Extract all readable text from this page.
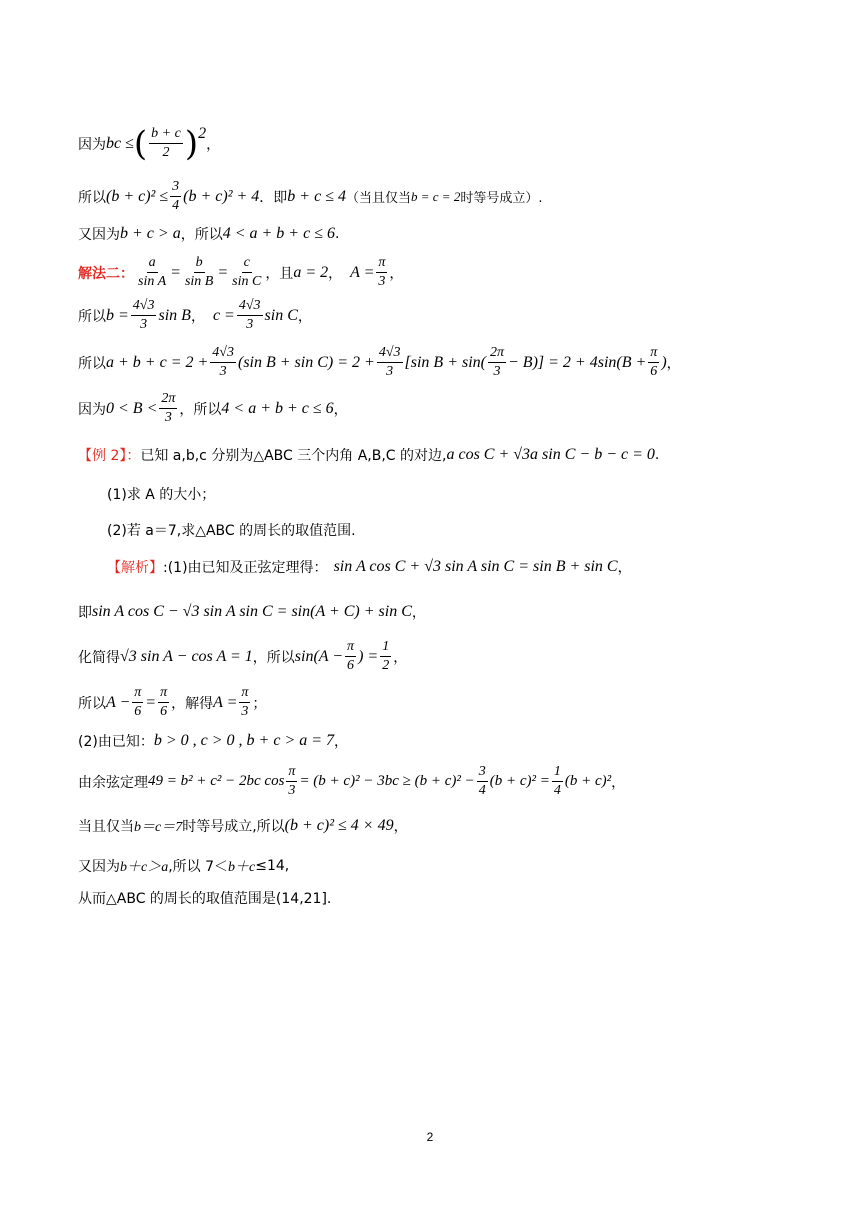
因为 bc ≤ ( $\frac{b + c}{2}$ ) 2
，
所以 $(b + c)^2 \le \frac{3}{4} (b + c)^2 + 4$ ．即 b + c ≤ 4 （当且仅当 b = c = 2 时等号成立）.
又因为 b + c > a ，所以 4 < a + b + c ≤ 6 .
解法二： $\frac{a}{\text{sin A}} = \frac{b}{\text{sin B}} = \frac{c}{\text{sin C}}$ ，且 a = 2 ， $A = \frac{\pi}{3}$ ，
所以 $b = \frac{4√3}{3}$ sin B ， $c = \frac{4√3}{3}$ sin C ，
所以 $a + b + c = 2 + \frac{4√3}{3} (\sin$ $B + \sin C) = 2 + \frac{4√3}{3} [\sin$ $B + \sin( \frac{2\pi}{3} - B)] = 2 + 4\sin(B + \frac{\pi}{6}$ ) ，
因为 $0 < B < \frac{2\pi}{3}$ ，所以 4 < a + b + c ≤ 6 ，
【例 2】： 已知 a,b,c 分别为△ABC 三个内角 A,B,C 的对边, a cos C + √3a sin C − b − c = 0 .
(1)求 A 的大小；
(2)若 a＝7,求△ABC 的周长的取值范围.
【解析】 :(1)由已知及正弦定理得： sin A cos C + √3 sin A sin C = sin B + sin C ，
即 sin A cos C − √3 sin A sin C = sin(A + C) + sin C ，
化简得 √3 sin A − cos A = 1 ，所以 $\sin(A - \frac{\pi}{6}$ ) = $\frac{1}{2}$ ，
所以 $A - \frac{\pi}{6} = \frac{\pi}{6}$ ，解得 $A = \frac{\pi}{3}$ ；
(2)由已知： b > 0 , c > 0 , b + c > a = 7 ，
由余弦定理 49 = b² + c² − 2bc $\cos \frac{\pi}{3} = (b + c)^2 - 3bc \ge (b + c)^2 - \frac{3}{4} (b + c)^2 = \frac{1}{4} (b + c)^2$ ，
当且仅当 b＝c＝7 时等号成立,所以 (b + c)² ≤ 4 × 49 ，
又因为 b＋c＞a ,所以 7＜ b＋c ≤14,
从而△ABC 的周长的取值范围是(14,21].
2
